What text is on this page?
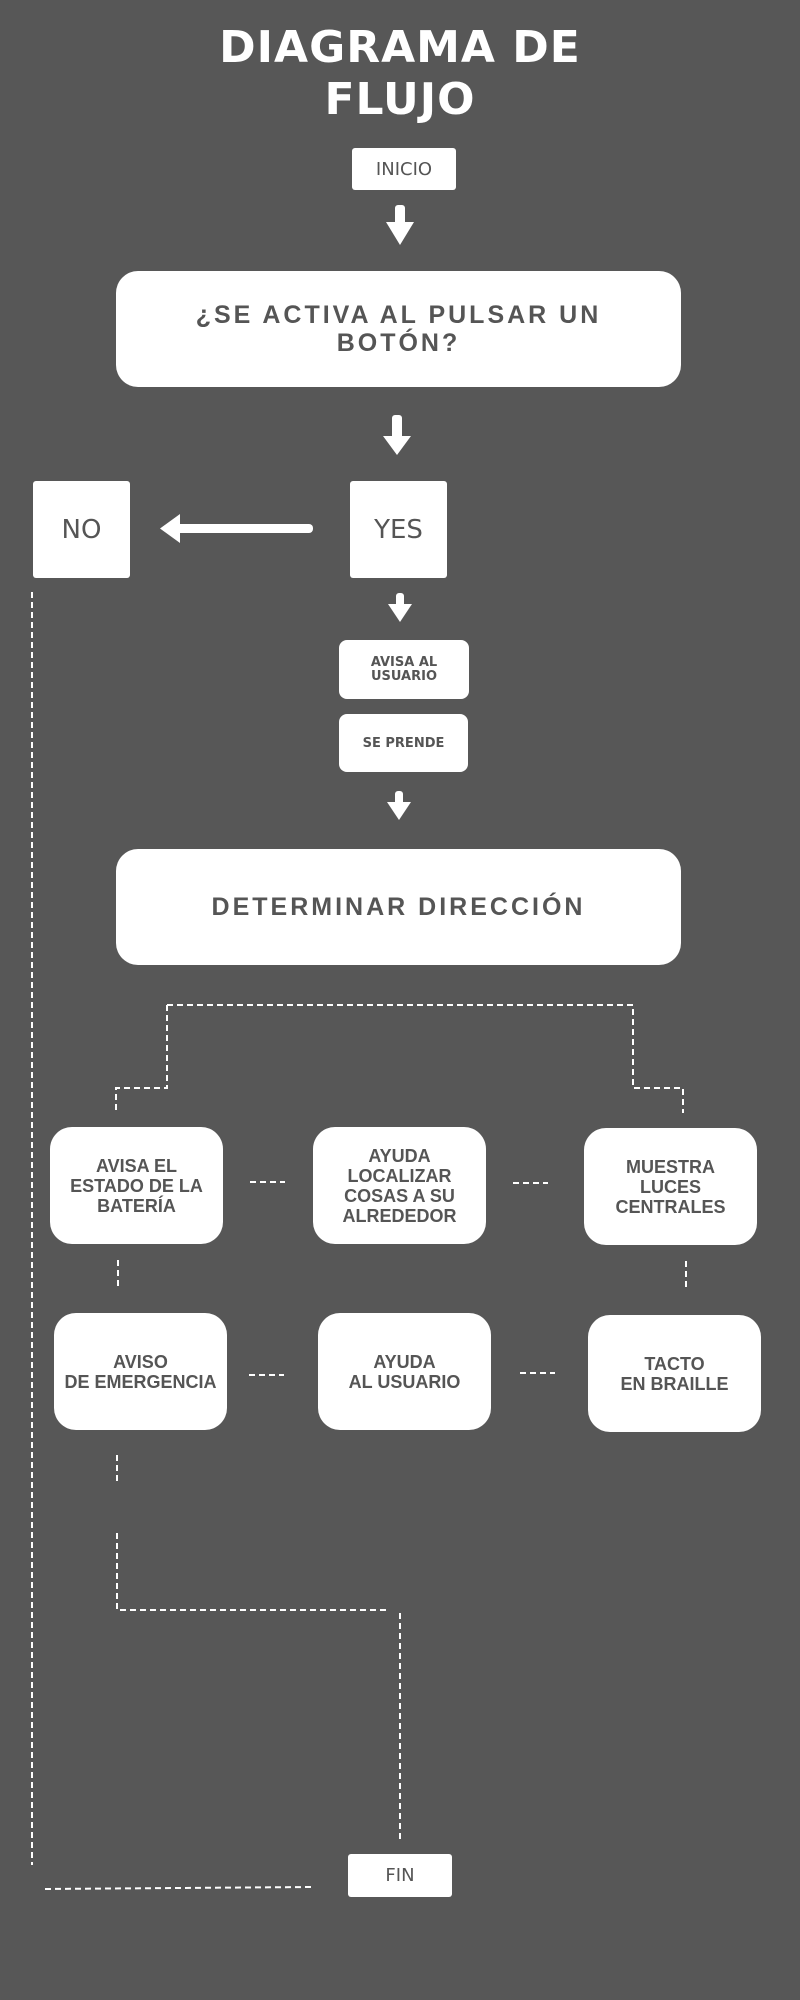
DIAGRAMA DE
FLUJO
INICIO
¿SE ACTIVA AL PULSAR UN BOTÓN?
NO	YES
AVISA AL
USUARIO
SE PRENDE
DETERMINAR DIRECCIÓN
AVISA EL
ESTADO DE LA
BATERÍA
AYUDA
LOCALIZAR
COSAS A SU
ALREDEDOR
MUESTRA
LUCES
CENTRALES
AVISO
DE EMERGENCIA
AYUDA
AL USUARIO
TACTO
EN BRAILLE
FIN
